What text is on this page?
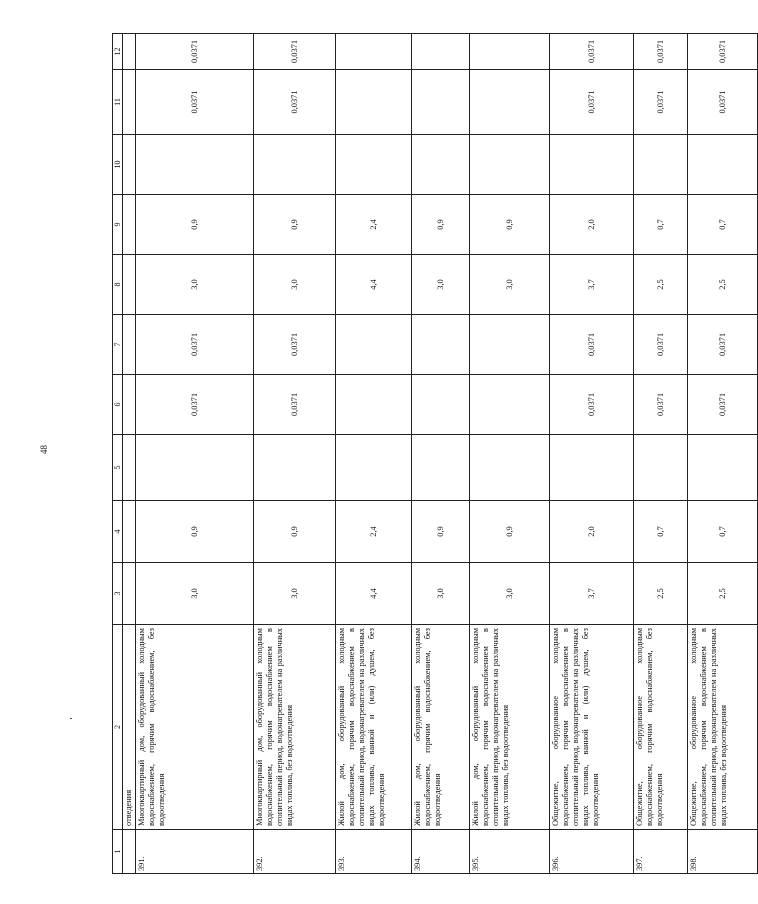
48
1	2	3	4	5	6	7	8	9	10	11	12
	отведения										
391.	Многоквартирный дом, оборудованный холодным водоснабжением, горячим водоснабжением, без водоотведения	3,0	0,9		0,0371	0,0371	3,0	0,9		0,0371	0,0371
392.	Многоквартирный дом, оборудованный холодным водоснабжением, горячим водоснабжением в отопительный период, водонагревателем на различных видах топлива, без водоотведения	3,0	0,9		0,0371	0,0371	3,0	0,9		0,0371	0,0371
393.	Жилой дом, оборудованный холодным водоснабжением, горячим водоснабжением в отопительный период, водонагревателем на различных видах топлива, ванной и (или) душем, без водоотведения	4,4	2,4				4,4	2,4			
394.	Жилой дом, оборудованный холодным водоснабжением, горячим водоснабжением, без водоотведения	3,0	0,9				3,0	0,9			
395.	Жилой дом, оборудованный холодным водоснабжением, горячим водоснабжением в отопительный период, водонагревателем на различных видах топлива, без водоотведения	3,0	0,9				3,0	0,9			
396.	Общежитие, оборудованное холодным водоснабжением, горячим водоснабжением в отопительный период, водонагревателем на различных видах топлива, ванной и (или) душем, без водоотведения	3,7	2,0		0,0371	0,0371	3,7	2,0		0,0371	0,0371
397.	Общежитие, оборудованное холодным водоснабжением, горячим водоснабжением, без водоотведения	2,5	0,7		0,0371	0,0371	2,5	0,7		0,0371	0,0371
398.	Общежитие, оборудованное холодным водоснабжением, горячим водоснабжением в отопительный период, водонагревателем на различных видах топлива, без водоотведения	2,5	0,7		0,0371	0,0371	2,5	0,7		0,0371	0,0371
